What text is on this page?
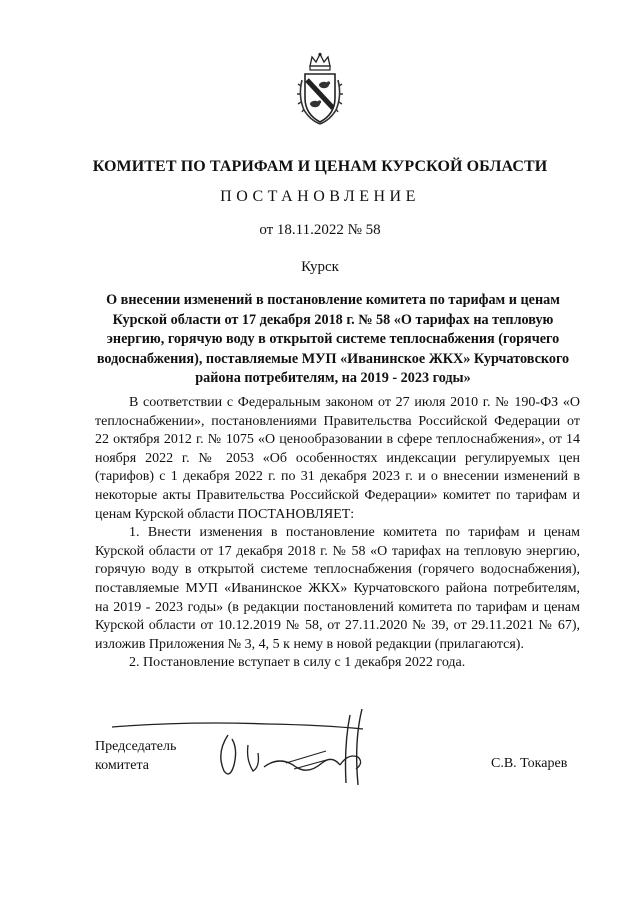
КОМИТЕТ ПО ТАРИФАМ И ЦЕНАМ КУРСКОЙ ОБЛАСТИ
ПОСТАНОВЛЕНИЕ
от 18.11.2022 № 58
Курск
О внесении изменений в постановление комитета по тарифам и ценам Курской области от 17 декабря 2018 г. № 58 «О тарифах на тепловую энергию, горячую воду в открытой системе теплоснабжения (горячего водоснабжения), поставляемые МУП «Иванинское ЖКХ» Курчатовского района потребителям, на 2019 - 2023 годы»

В соответствии с Федеральным законом от 27 июля 2010 г. № 190-ФЗ «О теплоснабжении», постановлениями Правительства Российской Федерации от 22 октября 2012 г. № 1075 «О ценообразовании в сфере теплоснабжения», от 14 ноября 2022 г. № 2053 «Об особенностях индексации регулируемых цен (тарифов) с 1 декабря 2022 г. по 31 декабря 2023 г. и о внесении изменений в некоторые акты Правительства Российской Федерации» комитет по тарифам и ценам Курской области ПОСТАНОВЛЯЕТ:

1. Внести изменения в постановление комитета по тарифам и ценам Курской области от 17 декабря 2018 г. № 58 «О тарифах на тепловую энергию, горячую воду в открытой системе теплоснабжения (горячего водоснабжения), поставляемые МУП «Иванинское ЖКХ» Курчатовского района потребителям, на 2019 - 2023 годы» (в редакции постановлений комитета по тарифам и ценам Курской области от 10.12.2019 № 58, от 27.11.2020 № 39, от 29.11.2021 № 67), изложив Приложения № 3, 4, 5 к нему в новой редакции (прилагаются).

2. Постановление вступает в силу с 1 декабря 2022 года.

Председатель
комитета	С.В. Токарев
